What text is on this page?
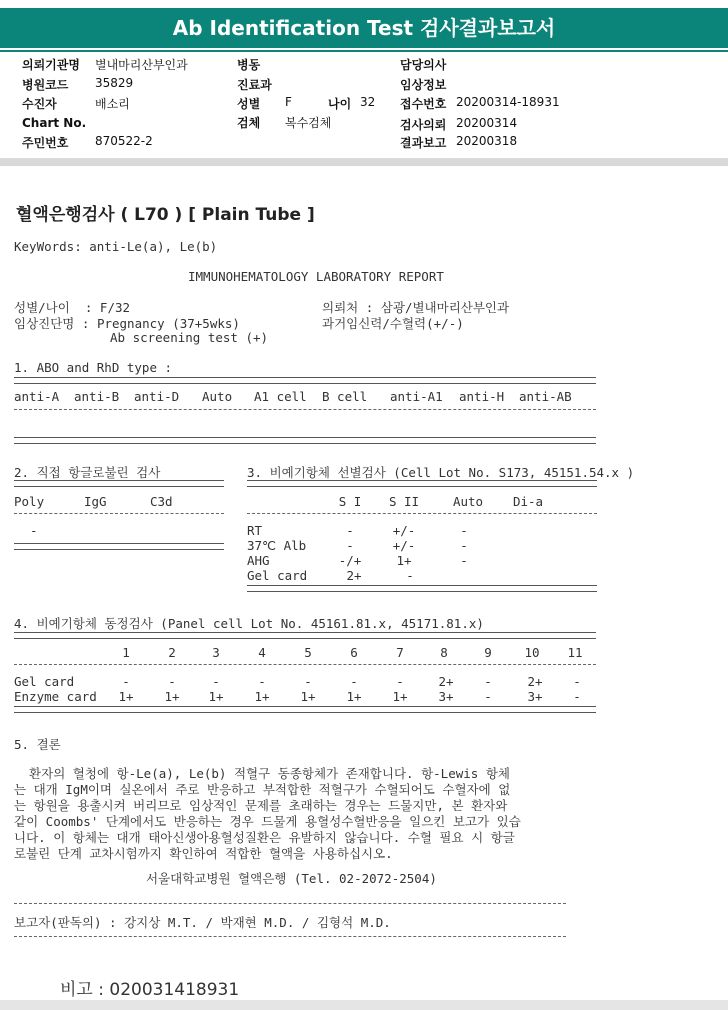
Ab Identification Test 검사결과보고서
의뢰기관명 별내마리산부인과	병동	담당의사
병원코드 35829	진료과	임상정보
수진자	배소리	성별 F	나이 32 접수번호 20200314-18931
Chart No.	검체 복수검체	검사의뢰 20200314
주민번호 870522-2	결과보고 20200318
혈액은행검사 ( L70 ) [ Plain Tube ]
KeyWords: anti-Le(a), Le(b)
IMMUNOHEMATOLOGY LABORATORY REPORT
성별/나이  : F/32
임상진단명 : Pregnancy (37+5wks)
Ab screening test (+)
의뢰처 : 삼광/별내마리산부인과
과거임신력/수혈력(+/-)
1. ABO and RhD type :
anti-A anti-B anti-D Auto A1 cell B cell anti-A1 anti-H anti-AB
2. 직접 항글로불린 검사
Poly	IgG	C3d
-
3. 비예기항체 선별검사 (Cell Lot No. S173, 45151.54.x )
S I	S II	Auto	Di-a
RT	-	+/-	-
37℃ Alb	-	+/-	-
AHG	-/+	1+	-
Gel card	2+	-
4. 비예기항체 동정검사 (Panel cell Lot No. 45161.81.x, 45171.81.x)
1	2	3	4	5	6	7	8	9	10	11
Gel card	-	-	-	-	-	-	-	2+	-	2+	-
Enzyme card	1+	1+	1+	1+	1+	1+	1+	3+	-	3+	-
5. 결론
환자의 혈청에 항-Le(a), Le(b) 적혈구 동종항체가 존재합니다. 항-Lewis 항체
는 대개 IgM이며 실온에서 주로 반응하고 부적합한 적혈구가 수혈되어도 수혈자에 없
는 항원을 용출시켜 버리므로 임상적인 문제를 초래하는 경우는 드물지만, 본 환자와
같이 Coombs' 단계에서도 반응하는 경우 드물게 용혈성수혈반응을 일으킨 보고가 있습
니다. 이 항체는 대개 태아신생아용혈성질환은 유발하지 않습니다. 수혈 필요 시 항글
로불린 단계 교차시험까지 확인하여 적합한 혈액을 사용하십시오.
서울대학교병원 혈액은행 (Tel. 02-2072-2504)
보고자(판독의) : 강지상 M.T. / 박재현 M.D. / 김형석 M.D.
비고 : 020031418931
